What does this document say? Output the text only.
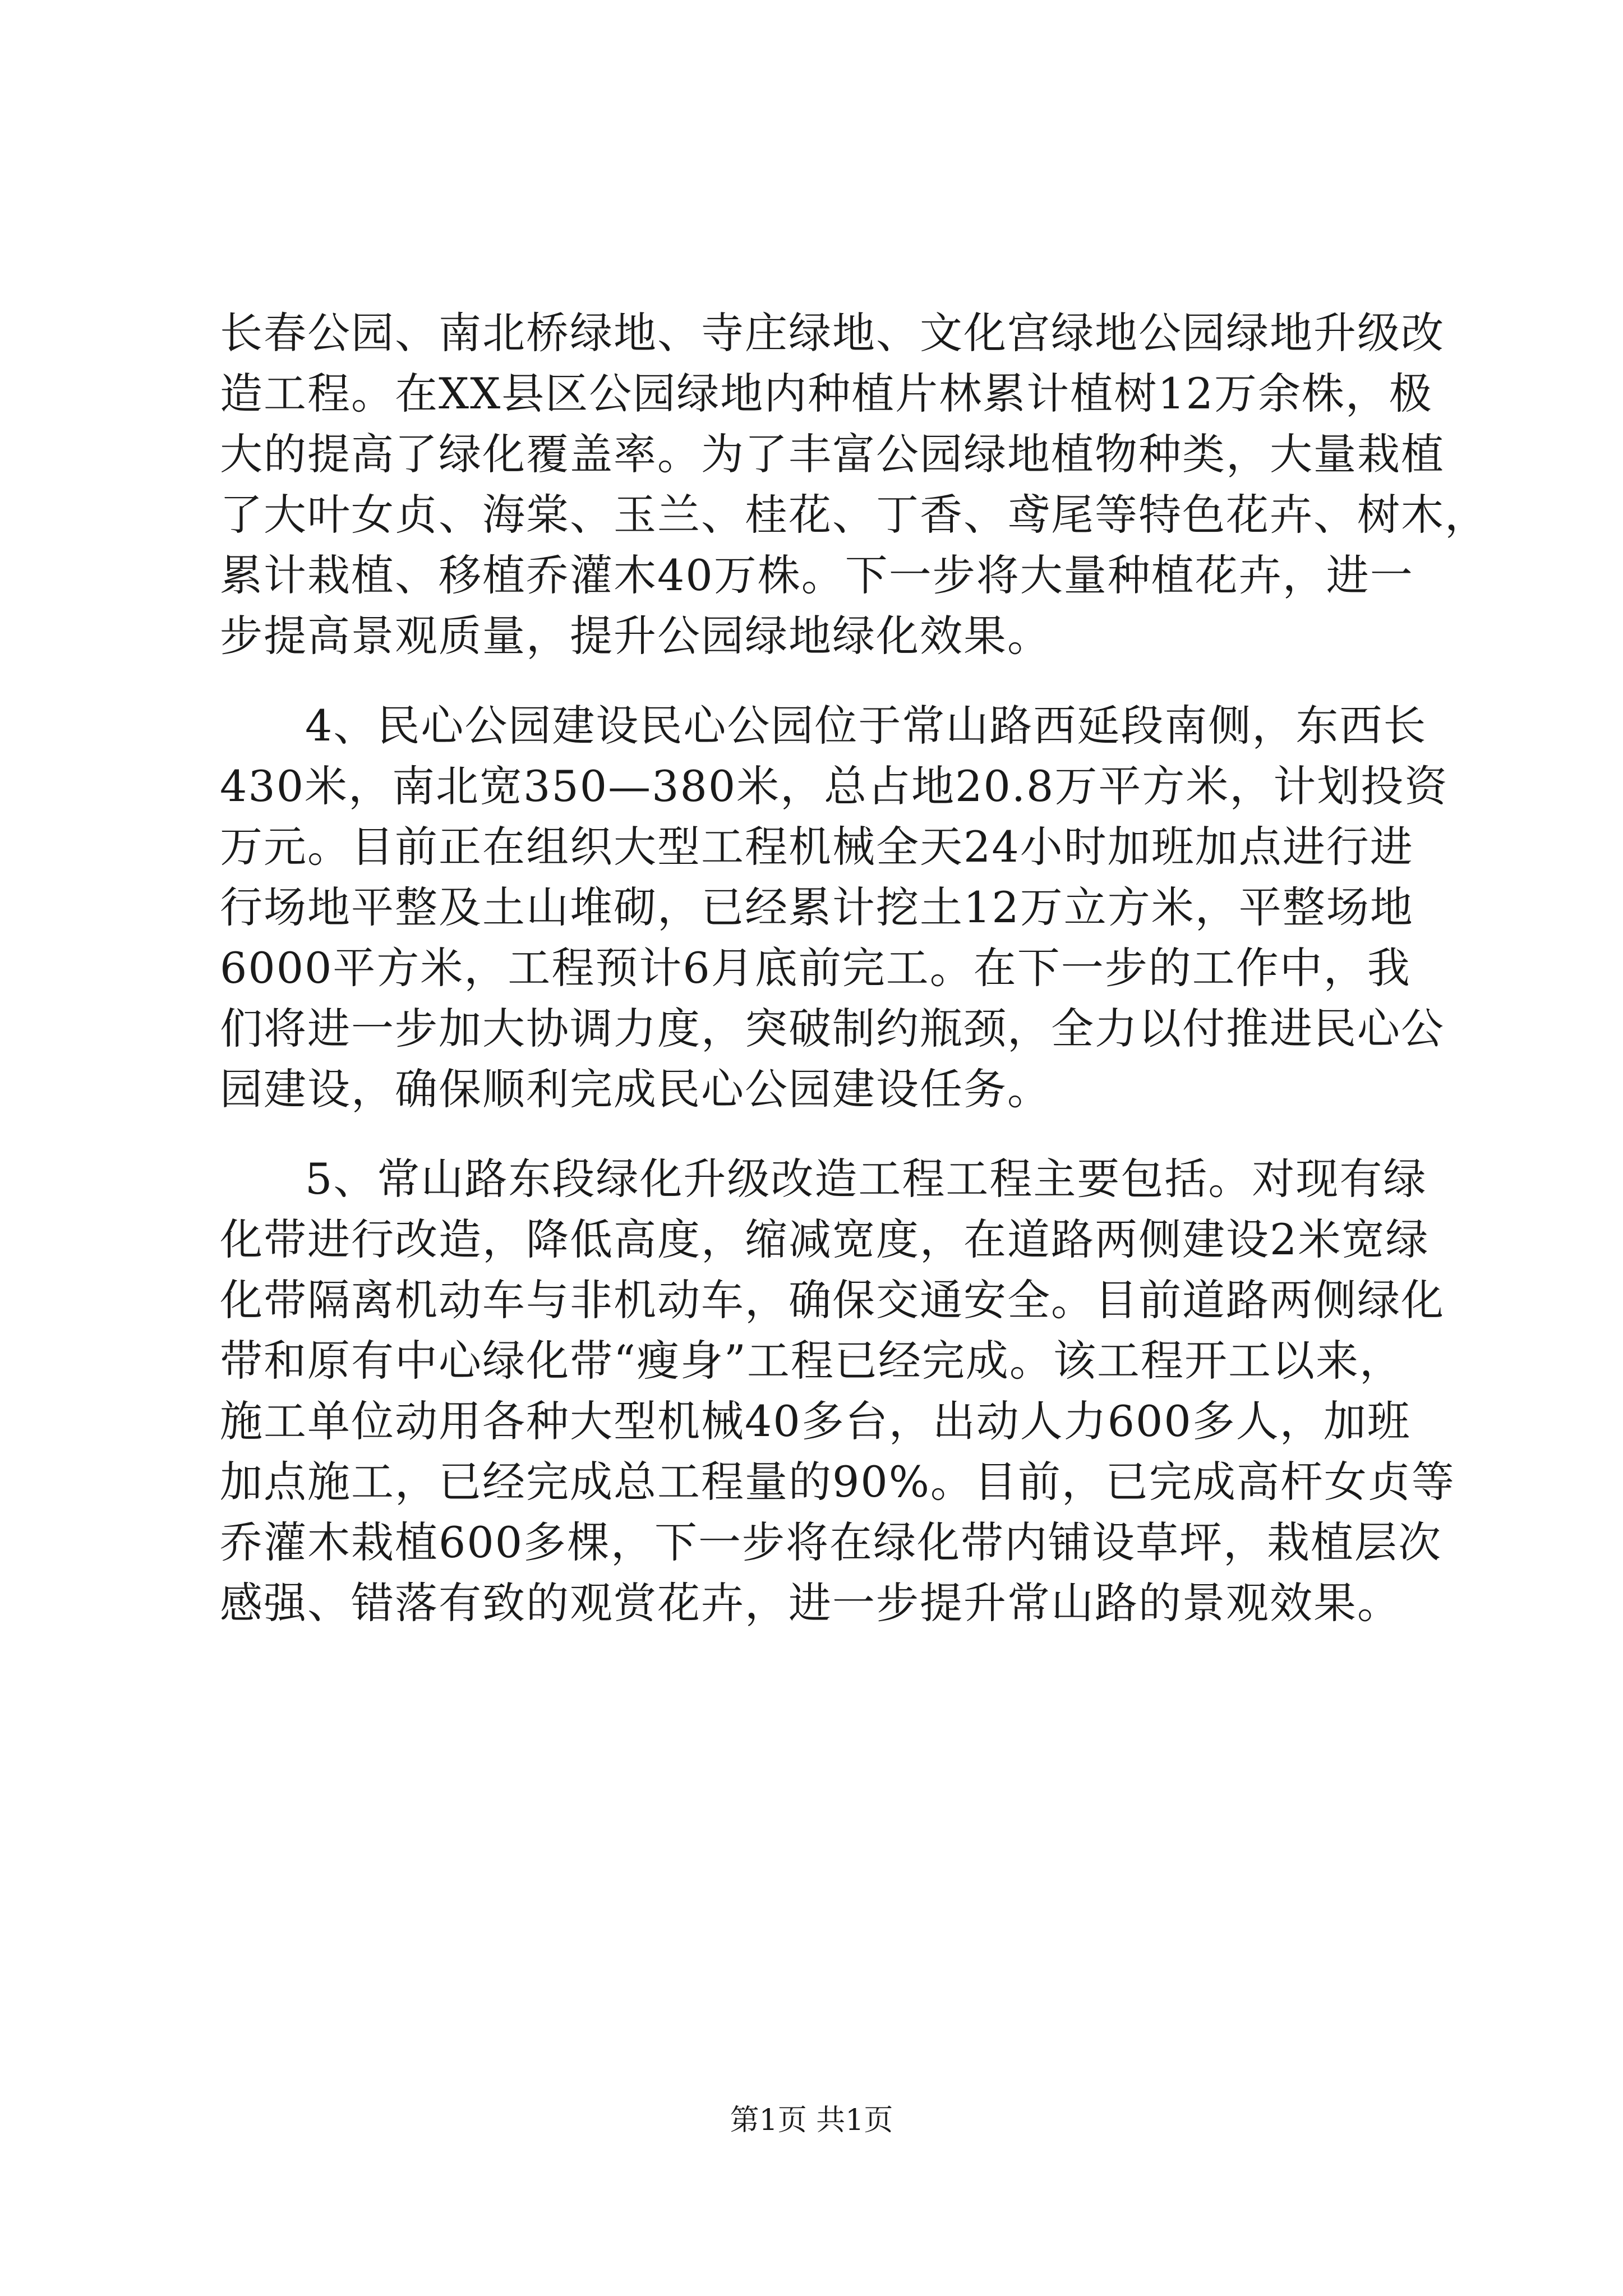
长春公园、南北桥绿地、寺庄绿地、文化宫绿地公园绿地升级改
造工程。在XX县区公园绿地内种植片林累计植树12万余株，极
大的提高了绿化覆盖率。为了丰富公园绿地植物种类，大量栽植
了大叶女贞、海棠、玉兰、桂花、丁香、鸢尾等特色花卉、树木，
累计栽植、移植乔灌木40万株。下一步将大量种植花卉，进一
步提高景观质量，提升公园绿地绿化效果。
4、民心公园建设民心公园位于常山路西延段南侧，东西长
430米，南北宽350—380米，总占地20.8万平方米，计划投资
万元。目前正在组织大型工程机械全天24小时加班加点进行进
行场地平整及土山堆砌，已经累计挖土12万立方米，平整场地
6000平方米，工程预计6月底前完工。在下一步的工作中，我
们将进一步加大协调力度，突破制约瓶颈，全力以付推进民心公
园建设，确保顺利完成民心公园建设任务。
5、常山路东段绿化升级改造工程工程主要包括。对现有绿
化带进行改造，降低高度，缩减宽度，在道路两侧建设2米宽绿
化带隔离机动车与非机动车，确保交通安全。目前道路两侧绿化
带和原有中心绿化带“瘦身”工程已经完成。该工程开工以来，
施工单位动用各种大型机械40多台，出动人力600多人，加班
加点施工，已经完成总工程量的90%。目前，已完成高杆女贞等
乔灌木栽植600多棵，下一步将在绿化带内铺设草坪，栽植层次
感强、错落有致的观赏花卉，进一步提升常山路的景观效果。
第1页 共1页
